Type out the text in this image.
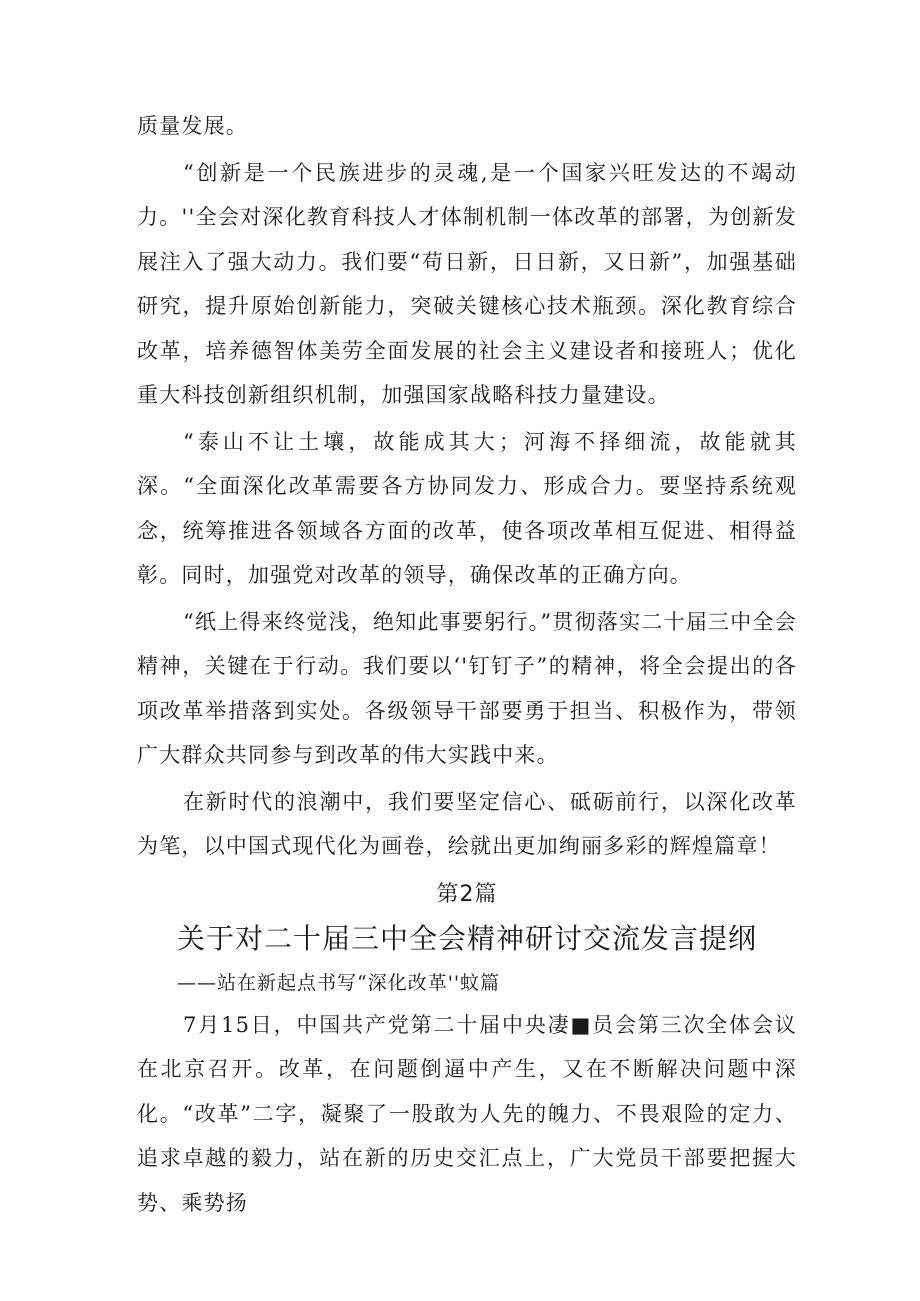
质量发展。

“创新是一个民族进步的灵魂,是一个国家兴旺发达的不竭动力。''全会对深化教育科技人才体制机制一体改革的部署，为创新发展注入了强大动力。我们要“苟日新，日日新，又日新”，加强基础研究，提升原始创新能力，突破关键核心技术瓶颈。深化教育综合改革，培养德智体美劳全面发展的社会主义建设者和接班人；优化重大科技创新组织机制，加强国家战略科技力量建设。

“泰山不让土壤，故能成其大；河海不择细流，故能就其深。“全面深化改革需要各方协同发力、形成合力。要坚持系统观念，统筹推进各领域各方面的改革，使各项改革相互促进、相得益彰。同时，加强党对改革的领导，确保改革的正确方向。

“纸上得来终觉浅，绝知此事要躬行。”贯彻落实二十届三中全会精神，关键在于行动。我们要以‘'钉钉子”的精神，将全会提出的各项改革举措落到实处。各级领导干部要勇于担当、积极作为，带领广大群众共同参与到改革的伟大实践中来。

在新时代的浪潮中，我们要坚定信心、砥砺前行，以深化改革为笔，以中国式现代化为画卷，绘就出更加绚丽多彩的辉煌篇章！

第2篇
关于对二十届三中全会精神研讨交流发言提纲
——站在新起点书写“深化改革''蚊篇

7月15日，中国共产党第二十届中央凄■员会第三次全体会议在北京召开。改革，在问题倒逼中产生，又在不断解决问题中深化。“改革”二字，凝聚了一股敢为人先的魄力、不畏艰险的定力、追求卓越的毅力，站在新的历史交汇点上，广大党员干部要把握大势、乘势扬
